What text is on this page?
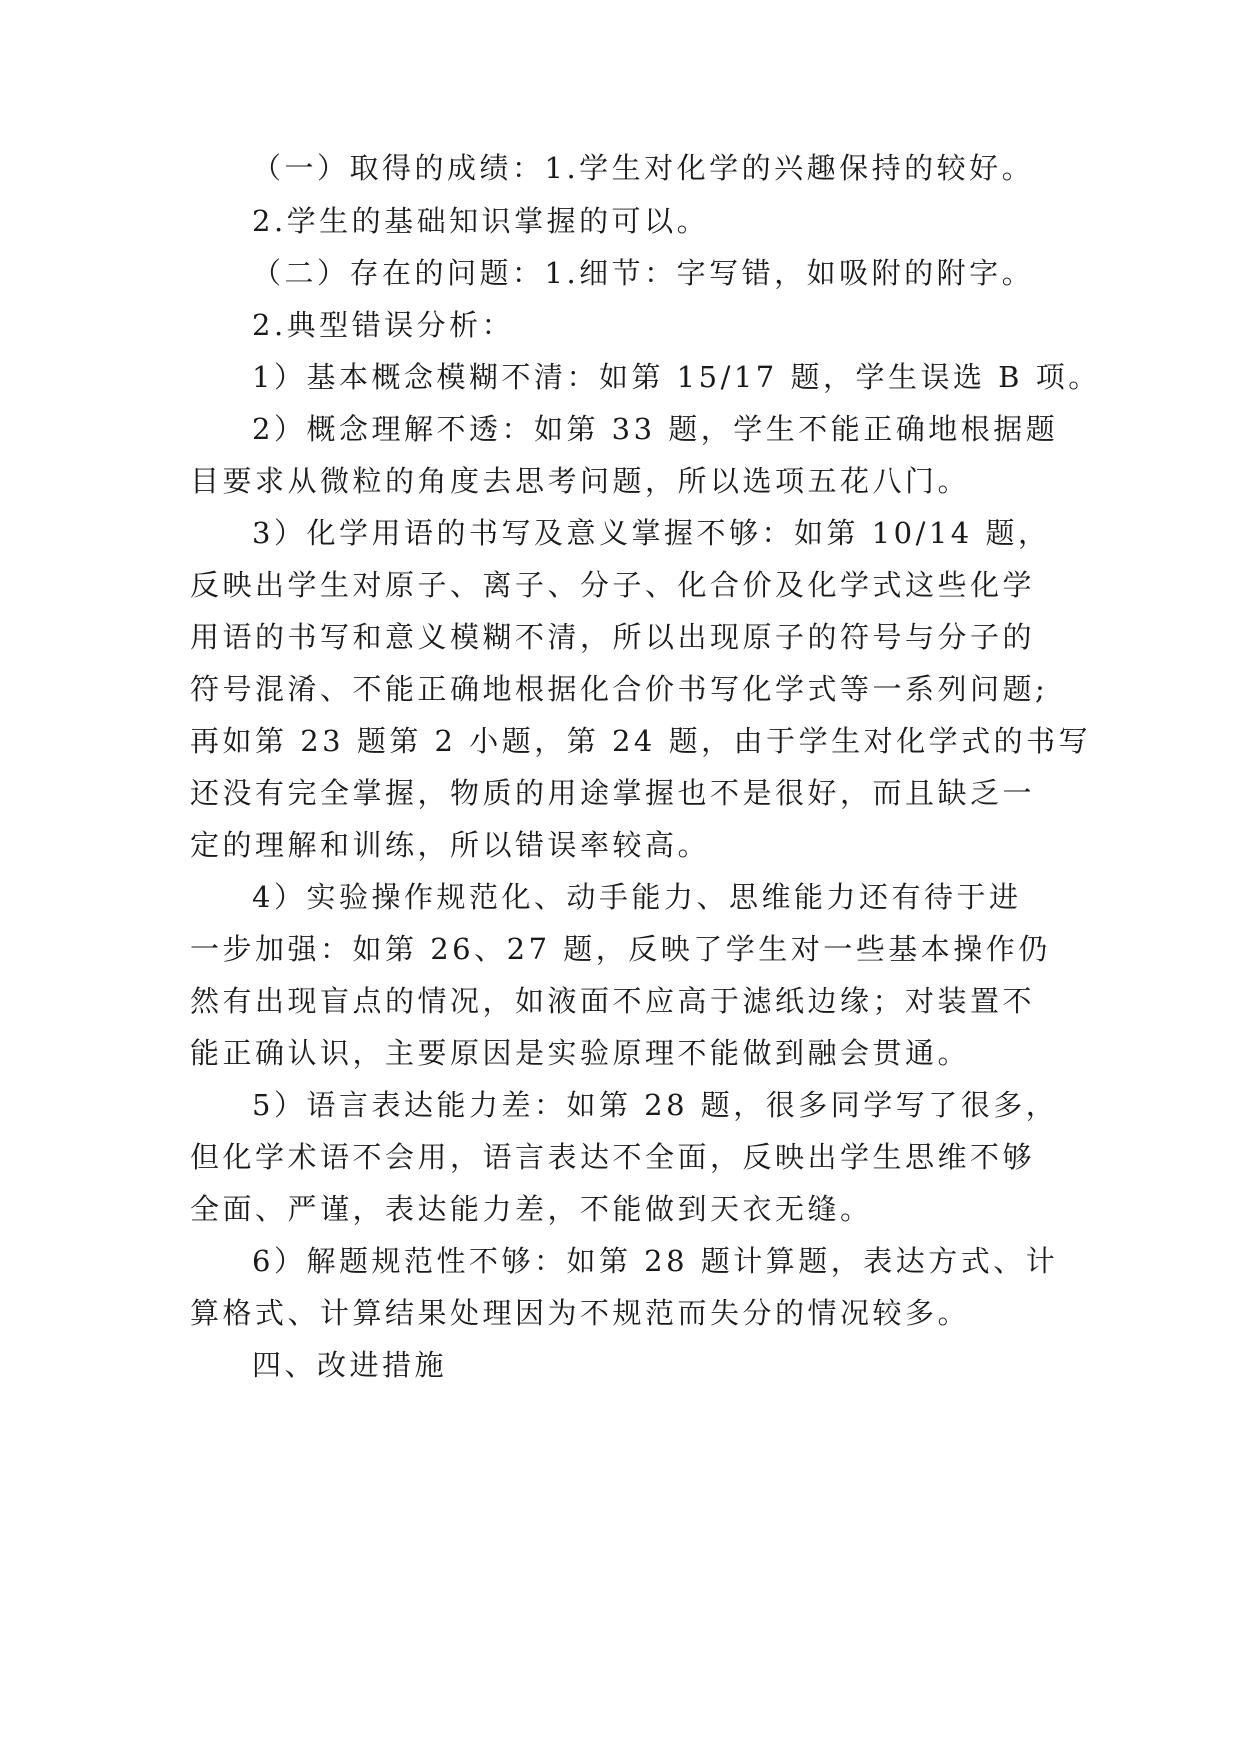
（一）取得的成绩：1.学生对化学的兴趣保持的较好。
2.学生的基础知识掌握的可以。
（二）存在的问题：1.细节：字写错，如吸附的附字。
2.典型错误分析：
1）基本概念模糊不清：如第 15/17 题，学生误选 B 项。
2）概念理解不透：如第 33 题，学生不能正确地根据题
目要求从微粒的角度去思考问题，所以选项五花八门。
3）化学用语的书写及意义掌握不够：如第 10/14 题，
反映出学生对原子、离子、分子、化合价及化学式这些化学
用语的书写和意义模糊不清，所以出现原子的符号与分子的
符号混淆、不能正确地根据化合价书写化学式等一系列问题;
再如第 23 题第 2 小题，第 24 题，由于学生对化学式的书写
还没有完全掌握，物质的用途掌握也不是很好，而且缺乏一
定的理解和训练，所以错误率较高。
4）实验操作规范化、动手能力、思维能力还有待于进
一步加强：如第 26、27 题，反映了学生对一些基本操作仍
然有出现盲点的情况，如液面不应高于滤纸边缘；对装置不
能正确认识，主要原因是实验原理不能做到融会贯通。
5）语言表达能力差：如第 28 题，很多同学写了很多，
但化学术语不会用，语言表达不全面，反映出学生思维不够
全面、严谨，表达能力差，不能做到天衣无缝。
6）解题规范性不够：如第 28 题计算题，表达方式、计
算格式、计算结果处理因为不规范而失分的情况较多。
四、改进措施
